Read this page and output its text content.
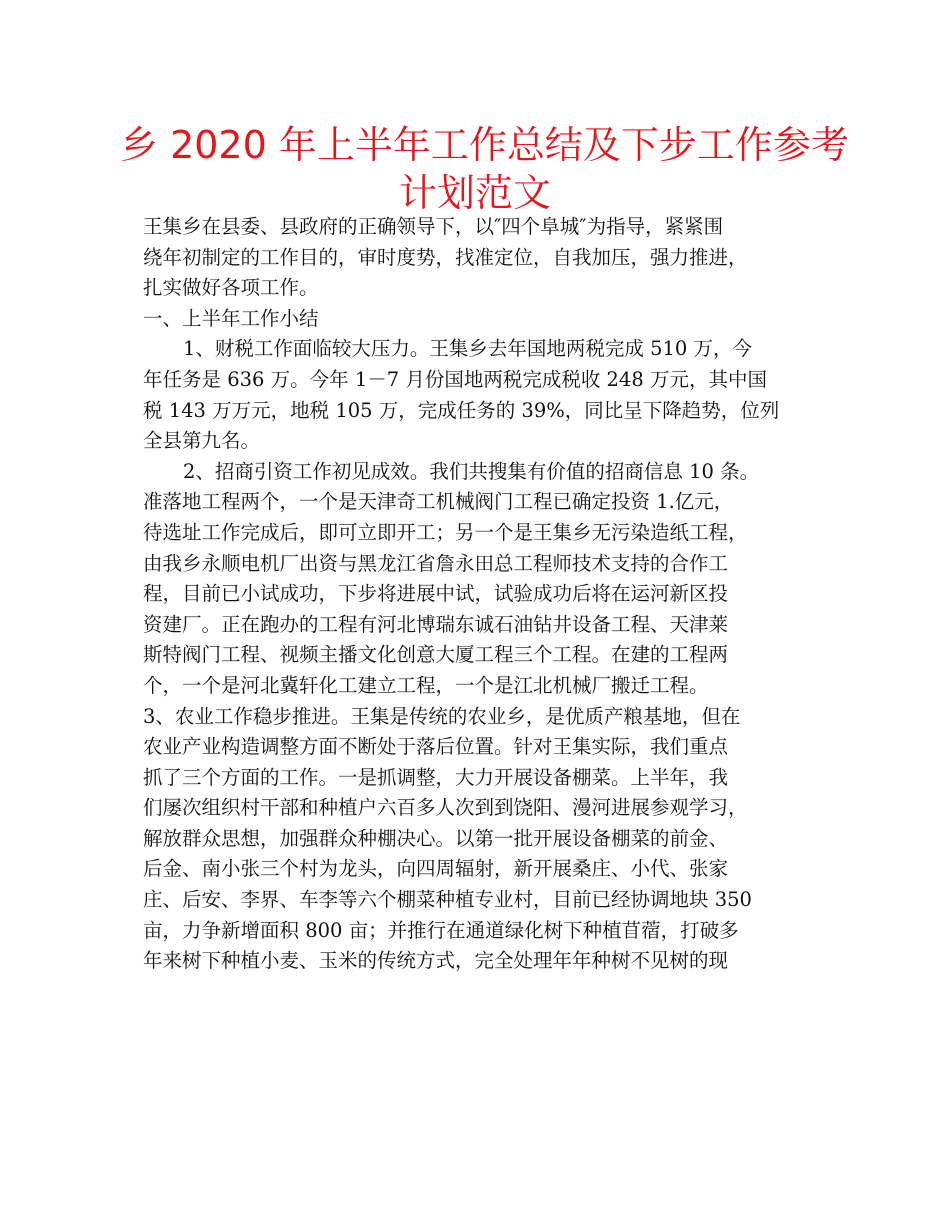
乡 2020 年上半年工作总结及下步工作参考
计划范文
王集乡在县委、县政府的正确领导下，以″四个阜城″为指导，紧紧围
绕年初制定的工作目的，审时度势，找准定位，自我加压，强力推进，
扎实做好各项工作。
一、上半年工作小结
1、财税工作面临较大压力。王集乡去年国地两税完成 510 万，今
年任务是 636 万。今年 1－7 月份国地两税完成税收 248 万元，其中国
税 143 万万元，地税 105 万，完成任务的 39%，同比呈下降趋势，位列
全县第九名。
2、招商引资工作初见成效。我们共搜集有价值的招商信息 10 条。
准落地工程两个，一个是天津奇工机械阀门工程已确定投资 1.亿元，
待选址工作完成后，即可立即开工；另一个是王集乡无污染造纸工程，
由我乡永顺电机厂出资与黑龙江省詹永田总工程师技术支持的合作工
程，目前已小试成功，下步将进展中试，试验成功后将在运河新区投
资建厂。正在跑办的工程有河北博瑞东诚石油钻井设备工程、天津莱
斯特阀门工程、视频主播文化创意大厦工程三个工程。在建的工程两
个，一个是河北冀轩化工建立工程，一个是江北机械厂搬迁工程。
3、农业工作稳步推进。王集是传统的农业乡，是优质产粮基地，但在
农业产业构造调整方面不断处于落后位置。针对王集实际，我们重点
抓了三个方面的工作。一是抓调整，大力开展设备棚菜。上半年，我
们屡次组织村干部和种植户六百多人次到到饶阳、漫河进展参观学习，
解放群众思想，加强群众种棚决心。以第一批开展设备棚菜的前金、
后金、南小张三个村为龙头，向四周辐射，新开展桑庄、小代、张家
庄、后安、李界、车李等六个棚菜种植专业村，目前已经协调地块 350
亩，力争新增面积 800 亩；并推行在通道绿化树下种植苜蓿，打破多
年来树下种植小麦、玉米的传统方式，完全处理年年种树不见树的现
